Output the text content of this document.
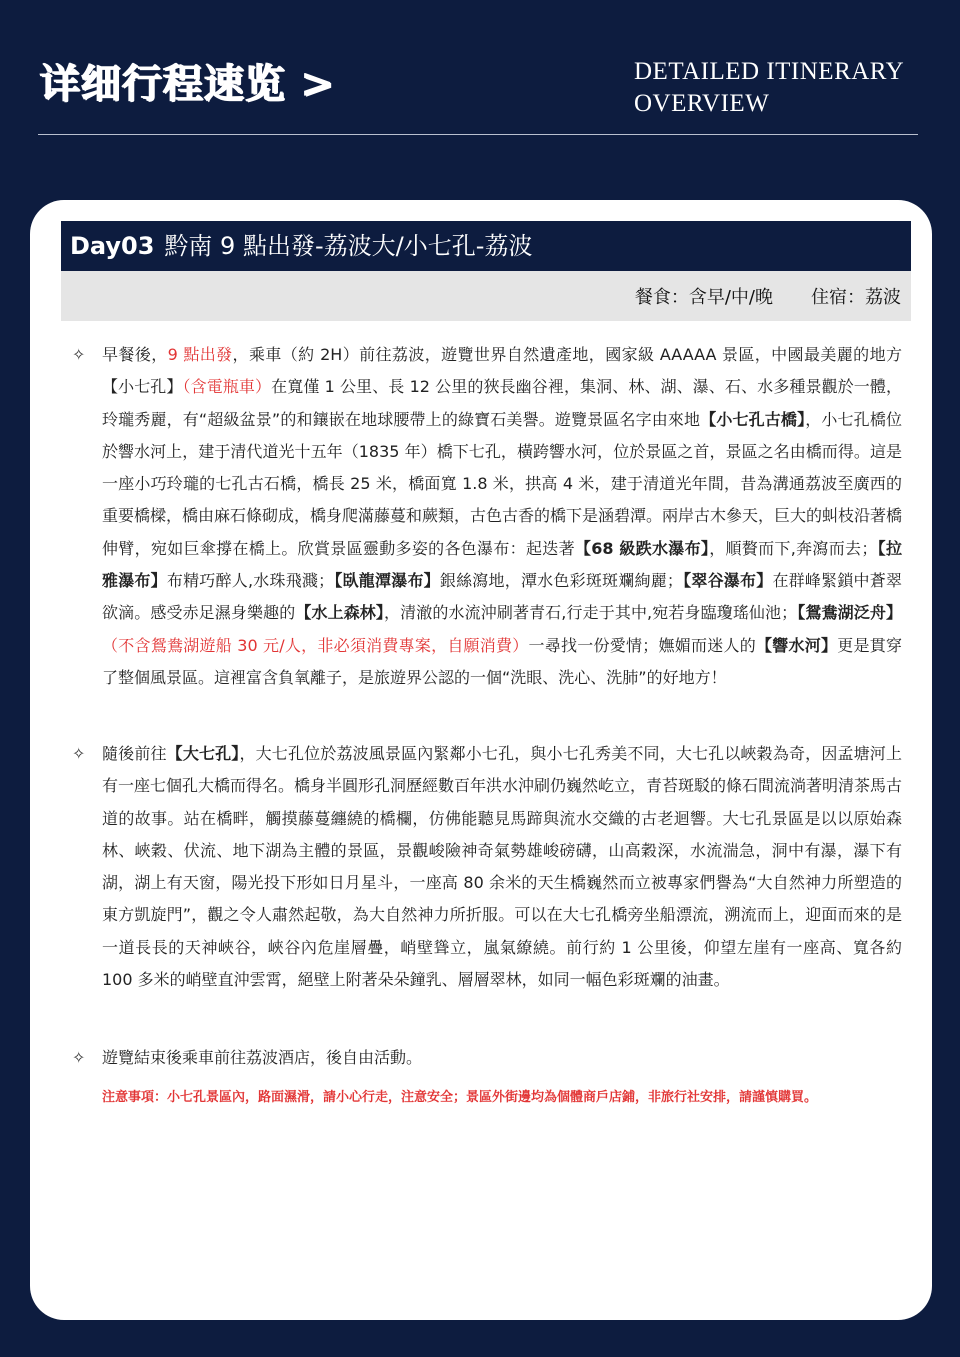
详细行程速览 >	DETAILED ITINERARY
OVERVIEW
Day03 黔南 9 點出發-荔波大/小七孔-荔波
餐食：含早/中/晚 住宿：荔波
✧ 早餐後，9 點出發，乘車（約 2H）前往荔波，遊覽世界自然遺產地，國家級 AAAAA 景區，中國最美麗的地方【小七孔】（含電瓶車）在寬僅 1 公里、長 12 公里的狹長幽谷裡，集洞、林、湖、瀑、石、水多種景觀於一體，玲瓏秀麗，有“超級盆景”的和鑲嵌在地球腰帶上的綠寶石美譽。遊覽景區名字由來地【小七孔古橋】，小七孔橋位於響水河上，建于清代道光十五年（1835 年）橋下七孔，橫跨響水河，位於景區之首，景區之名由橋而得。這是一座小巧玲瓏的七孔古石橋，橋長 25 米，橋面寬 1.8 米，拱高 4 米，建于清道光年間，昔為溝通荔波至廣西的重要橋樑，橋由麻石條砌成，橋身爬滿藤蔓和蕨類，古色古香的橋下是涵碧潭。兩岸古木參天，巨大的虯枝沿著橋伸臂，宛如巨傘撐在橋上。欣賞景區靈動多姿的各色瀑布：起迭著【68 級跌水瀑布】，順贅而下,奔瀉而去；【拉雅瀑布】布精巧醉人,水珠飛濺；【臥龍潭瀑布】銀絲瀉地，潭水色彩斑斑斕絢麗；【翠谷瀑布】在群峰緊鎖中蒼翠欲滴。感受赤足濕身樂趣的【水上森林】，清澈的水流沖刷著青石,行走于其中,宛若身臨瓊瑤仙池；【鴛鴦湖泛舟】（不含鴛鴦湖遊船 30 元/人，非必須消費專案，自願消費）一尋找一份愛情；嫵媚而迷人的【響水河】更是貫穿了整個風景區。這裡富含負氧離子，是旅遊界公認的一個“洗眼、洗心、洗肺”的好地方！
✧ 隨後前往【大七孔】，大七孔位於荔波風景區內緊鄰小七孔，與小七孔秀美不同，大七孔以峽穀為奇，因孟塘河上有一座七個孔大橋而得名。橋身半圓形孔洞歷經數百年洪水沖刷仍巍然屹立，青苔斑駁的條石間流淌著明清茶馬古道的故事。站在橋畔，觸摸藤蔓纏繞的橋欄，仿佛能聽見馬蹄與流水交織的古老迴響。大七孔景區是以以原始森林、峽穀、伏流、地下湖為主體的景區，景觀峻險神奇氣勢雄峻磅礴，山高穀深，水流湍急，洞中有瀑，瀑下有湖，湖上有天窗，陽光投下形如日月星斗，一座高 80 余米的天生橋巍然而立被專家們譽為“大自然神力所塑造的東方凱旋門”，觀之令人肅然起敬，為大自然神力所折服。可以在大七孔橋旁坐船漂流，溯流而上，迎面而來的是一道長長的天神峽谷，峽谷內危崖層疊，峭壁聳立，嵐氣繚繞。前行約 1 公里後，仰望左崖有一座高、寬各約 100 多米的峭壁直沖雲霄，絕壁上附著朵朵鐘乳、層層翠林，如同一幅色彩斑斕的油畫。
✧ 遊覽結束後乘車前往荔波酒店，後自由活動。
注意事項：小七孔景區內，路面濕滑，請小心行走，注意安全；景區外街邊均為個體商戶店鋪，非旅行社安排，請謹慎購買。
